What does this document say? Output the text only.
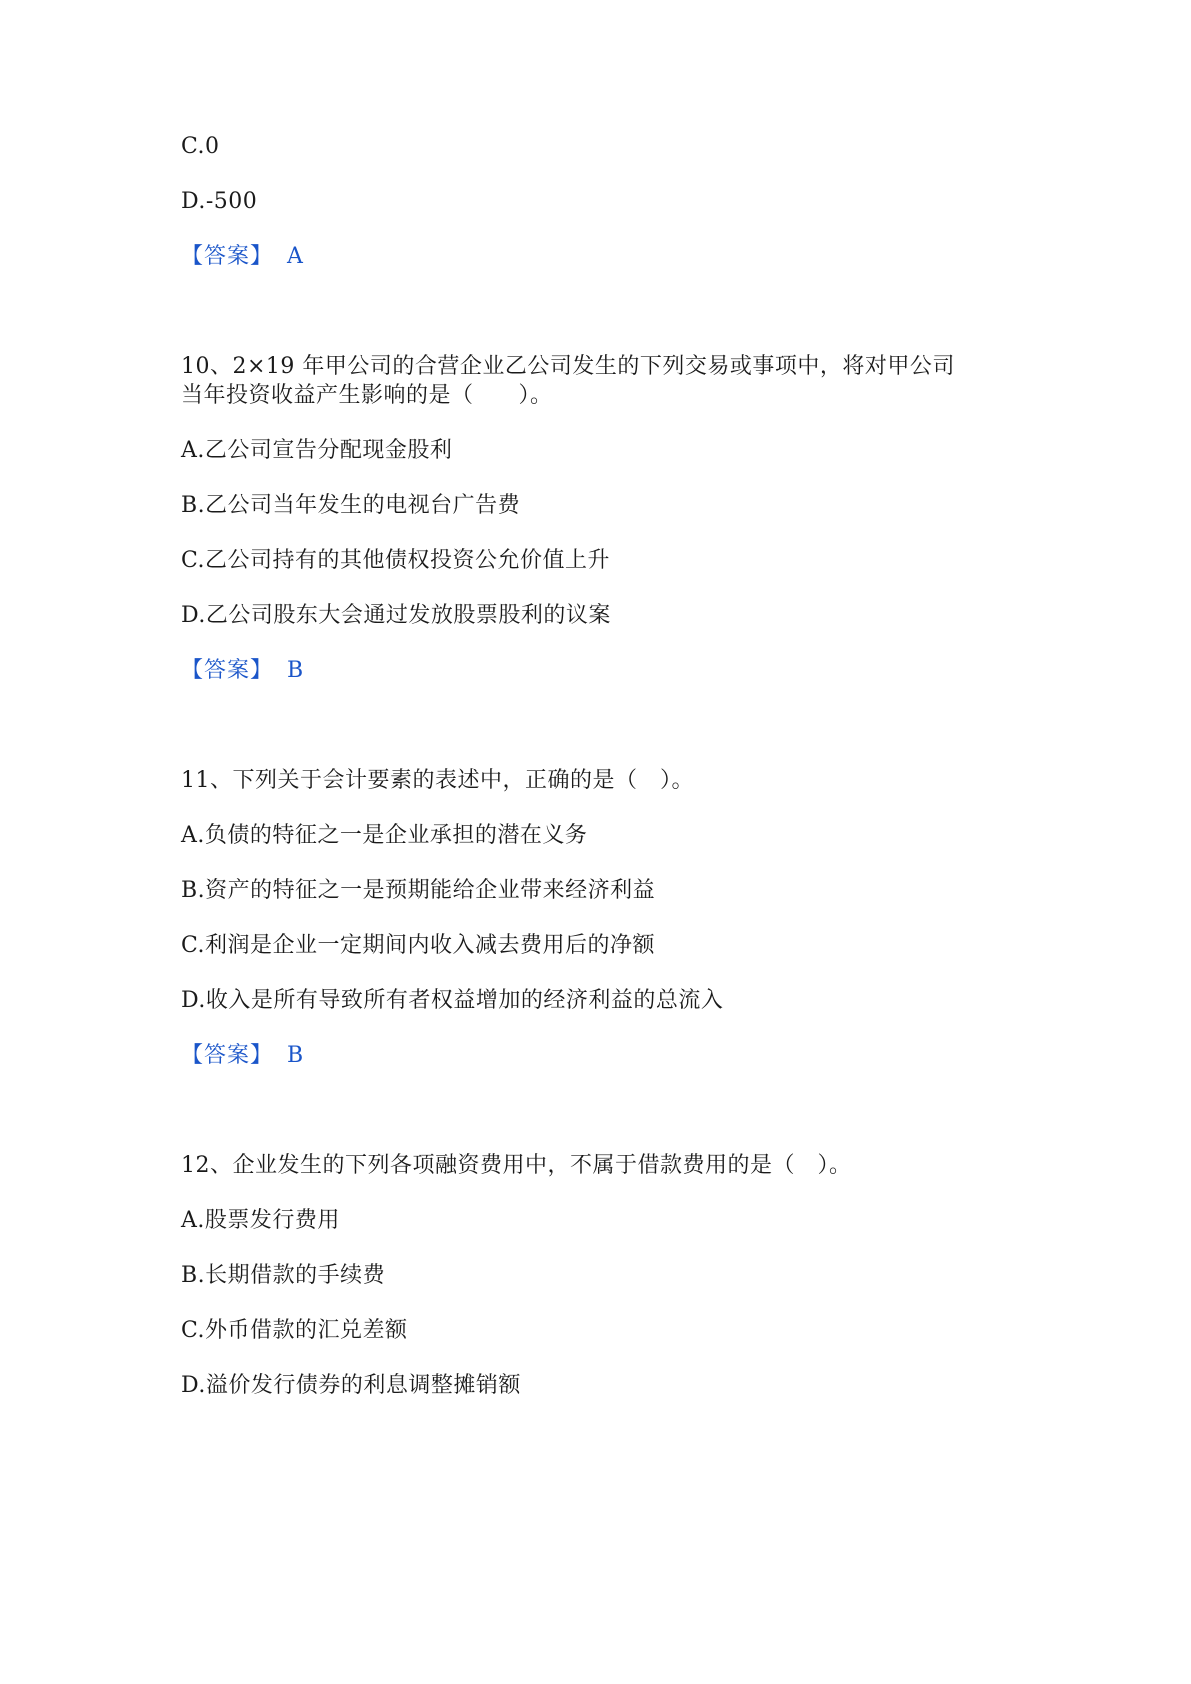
C.0
D.-500
【答案】 A
10、2×19 年甲公司的合营企业乙公司发生的下列交易或事项中，将对甲公司
当年投资收益产生影响的是（　　）。
A.乙公司宣告分配现金股利
B.乙公司当年发生的电视台广告费
C.乙公司持有的其他债权投资公允价值上升
D.乙公司股东大会通过发放股票股利的议案
【答案】 B
11、下列关于会计要素的表述中，正确的是（　）。
A.负债的特征之一是企业承担的潜在义务
B.资产的特征之一是预期能给企业带来经济利益
C.利润是企业一定期间内收入减去费用后的净额
D.收入是所有导致所有者权益增加的经济利益的总流入
【答案】 B
12、企业发生的下列各项融资费用中，不属于借款费用的是（　）。
A.股票发行费用
B.长期借款的手续费
C.外币借款的汇兑差额
D.溢价发行债券的利息调整摊销额
